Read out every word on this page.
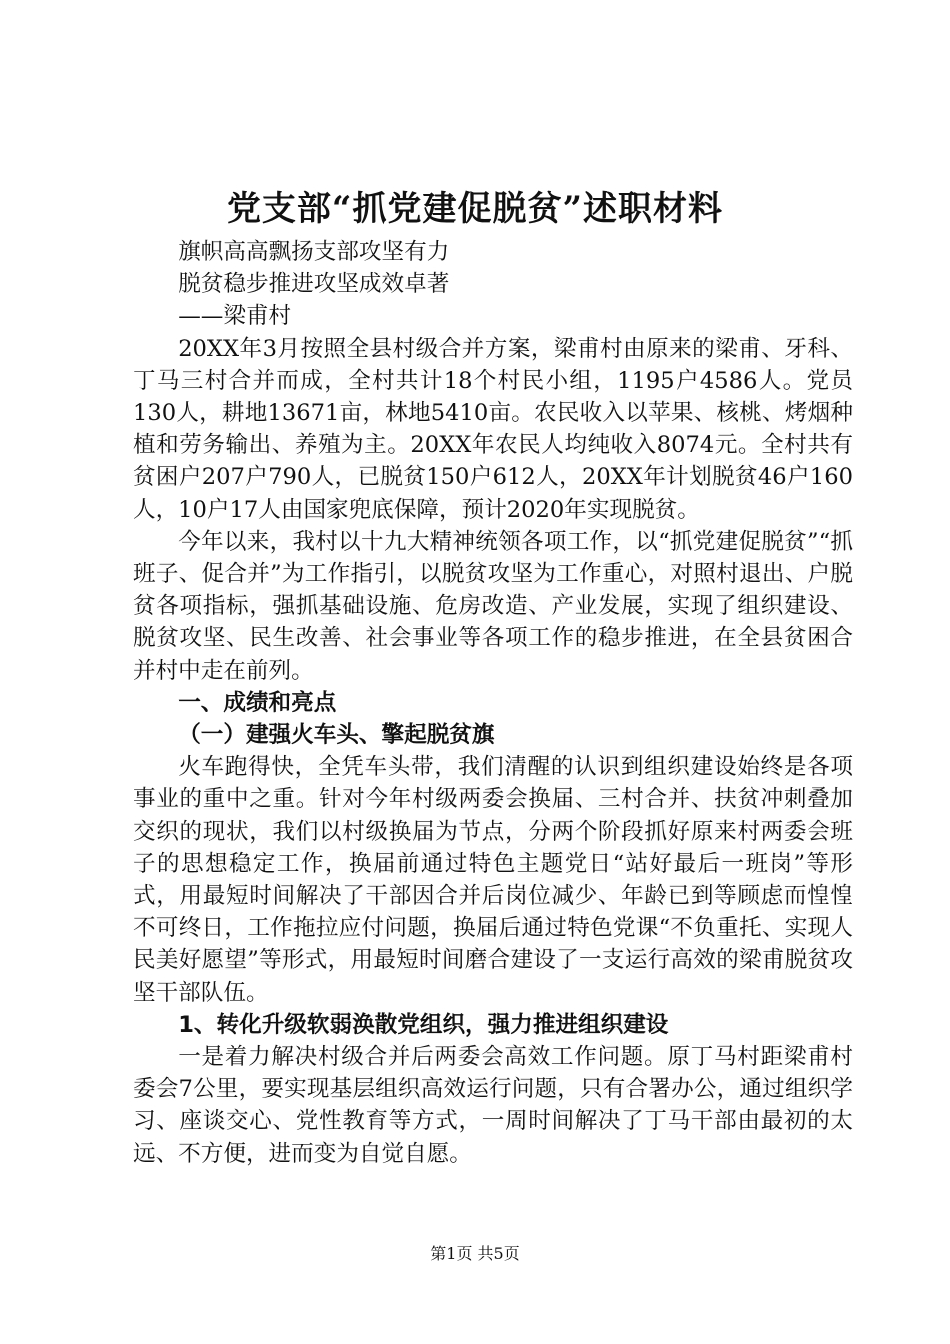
党支部“抓党建促脱贫”述职材料

旗帜高高飘扬支部攻坚有力

脱贫稳步推进攻坚成效卓著

——梁甫村

20XX年3月按照全县村级合并方案，梁甫村由原来的梁甫、牙科、丁马三村合并而成，全村共计18个村民小组，1195户4586人。党员130人，耕地13671亩，林地5410亩。农民收入以苹果、核桃、烤烟种植和劳务输出、养殖为主。20XX年农民人均纯收入8074元。全村共有贫困户207户790人，已脱贫150户612人，20XX年计划脱贫46户160人，10户17人由国家兜底保障，预计2020年实现脱贫。

今年以来，我村以十九大精神统领各项工作，以“抓党建促脱贫”“抓班子、促合并”为工作指引，以脱贫攻坚为工作重心，对照村退出、户脱贫各项指标，强抓基础设施、危房改造、产业发展，实现了组织建设、脱贫攻坚、民生改善、社会事业等各项工作的稳步推进，在全县贫困合并村中走在前列。

一、成绩和亮点

（一）建强火车头、擎起脱贫旗

火车跑得快，全凭车头带，我们清醒的认识到组织建设始终是各项事业的重中之重。针对今年村级两委会换届、三村合并、扶贫冲刺叠加交织的现状，我们以村级换届为节点，分两个阶段抓好原来村两委会班子的思想稳定工作，换届前通过特色主题党日“站好最后一班岗”等形式，用最短时间解决了干部因合并后岗位减少、年龄已到等顾虑而惶惶不可终日，工作拖拉应付问题，换届后通过特色党课“不负重托、实现人民美好愿望”等形式，用最短时间磨合建设了一支运行高效的梁甫脱贫攻坚干部队伍。

1、转化升级软弱涣散党组织，强力推进组织建设

一是着力解决村级合并后两委会高效工作问题。原丁马村距梁甫村委会7公里，要实现基层组织高效运行问题，只有合署办公，通过组织学习、座谈交心、党性教育等方式，一周时间解决了丁马干部由最初的太远、不方便，进而变为自觉自愿。

第1页 共5页
